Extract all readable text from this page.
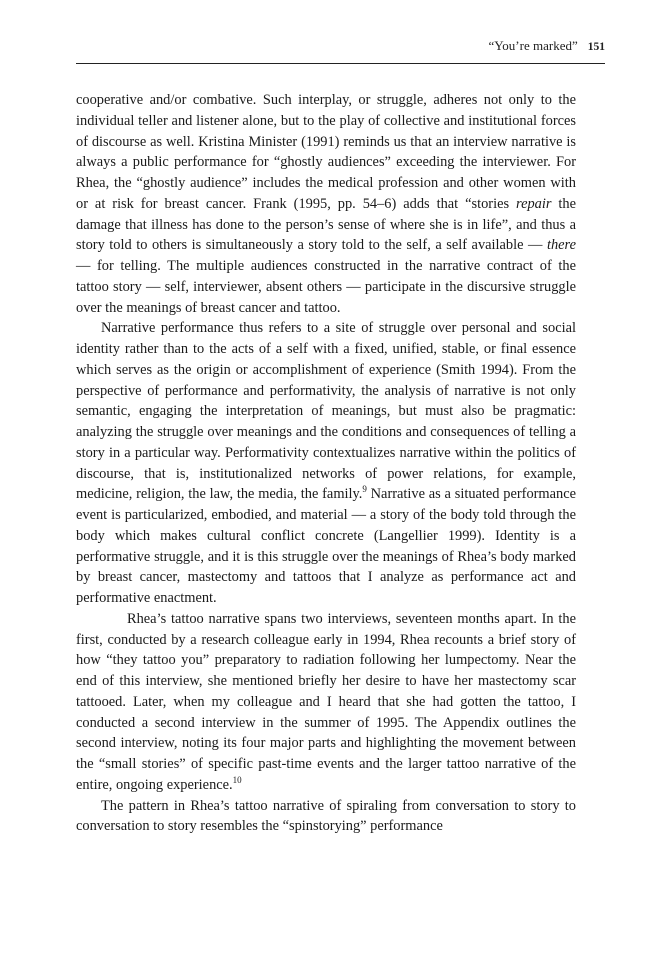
“You’re marked” 151

cooperative and/or combative. Such interplay, or struggle, adheres not only to the individual teller and listener alone, but to the play of collective and institutional forces of discourse as well. Kristina Minister (1991) reminds us that an interview narrative is always a public performance for “ghostly audiences” exceeding the interviewer. For Rhea, the “ghostly audience” includes the medical profession and other women with or at risk for breast cancer. Frank (1995, pp. 54–6) adds that “stories repair the damage that illness has done to the person’s sense of where she is in life”, and thus a story told to others is simultaneously a story told to the self, a self available — there — for telling. The multiple audiences constructed in the narrative contract of the tattoo story — self, interviewer, absent others — participate in the discursive struggle over the meanings of breast cancer and tattoo.

Narrative performance thus refers to a site of struggle over personal and social identity rather than to the acts of a self with a fixed, unified, stable, or final essence which serves as the origin or accomplishment of experience (Smith 1994). From the perspective of performance and performativity, the analysis of narrative is not only semantic, engaging the interpretation of meanings, but must also be pragmatic: analyzing the struggle over meanings and the conditions and consequences of telling a story in a particular way. Performativity contextualizes narrative within the politics of discourse, that is, institutionalized networks of power relations, for example, medicine, religion, the law, the media, the family.$^9$ Narrative as a situated performance event is particularized, embodied, and material — a story of the body told through the body which makes cultural conflict concrete (Langellier 1999). Identity is a performative struggle, and it is this struggle over the meanings of Rhea’s body marked by breast cancer, mastectomy and tattoos that I analyze as performance act and performative enactment.

Rhea’s tattoo narrative spans two interviews, seventeen months apart. In the first, conducted by a research colleague early in 1994, Rhea recounts a brief story of how “they tattoo you” preparatory to radiation following her lumpectomy. Near the end of this interview, she mentioned briefly her desire to have her mastectomy scar tattooed. Later, when my colleague and I heard that she had gotten the tattoo, I conducted a second interview in the summer of 1995. The Appendix outlines the second interview, noting its four major parts and highlighting the movement between the “small stories” of specific past-time events and the larger tattoo narrative of the entire, ongoing experience.$^{10}$

The pattern in Rhea’s tattoo narrative of spiraling from conversation to story to conversation to story resembles the “spinstorying” performance
